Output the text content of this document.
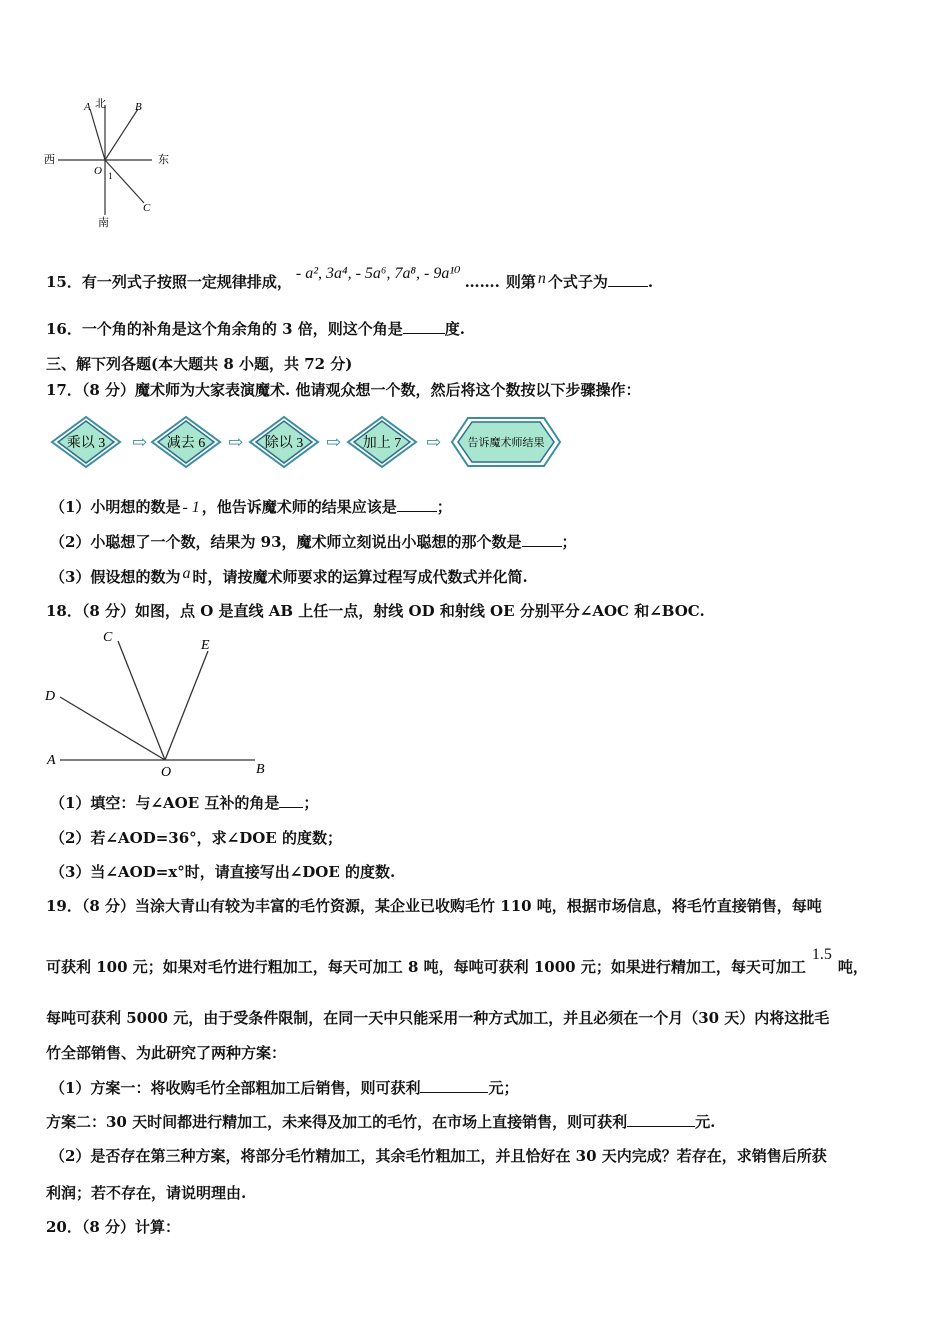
A 北	B
西	东
O 1
C
南
15．有一列式子按照一定规律排成， - a², 3a⁴, - 5a⁶, 7a⁸, - 9a¹⁰ ……. 则第 n 个式子为	.
16．一个角的补角是这个角余角的 3 倍，则这个角是	度.
三、解下列各题(本大题共 8 小题，共 72 分)
17．（8 分）魔术师为大家表演魔术. 他请观众想一个数，然后将这个数按以下步骤操作：
乘以 3 ⇨ 减去 6 ⇨ 除以 3 ⇨ 加上 7 ⇨ 告诉魔术师结果
（1）小明想的数是 - 1 ，他告诉魔术师的结果应该是	；
（2）小聪想了一个数，结果为 93，魔术师立刻说出小聪想的那个数是	；
（3）假设想的数为 a 时，请按魔术师要求的运算过程写成代数式并化简.
18．（8 分）如图，点 O 是直线 AB 上任一点，射线 OD 和射线 OE 分别平分∠AOC 和∠BOC.
C
E
D
A
O	B
（1）填空：与∠AOE 互补的角是 ；
（2）若∠AOD=36°，求∠DOE 的度数；
（3）当∠AOD=x°时，请直接写出∠DOE 的度数.
19．（8 分）当涂大青山有较为丰富的毛竹资源，某企业已收购毛竹 110 吨，根据市场信息，将毛竹直接销售，每吨
可获利 100 元；如果对毛竹进行粗加工，每天可加工 8 吨，每吨可获利 1000 元；如果进行精加工，每天可加工1.5吨，
每吨可获利 5000 元，由于受条件限制，在同一天中只能采用一种方式加工，并且必须在一个月（30 天）内将这批毛
竹全部销售、为此研究了两种方案：
（1）方案一：将收购毛竹全部粗加工后销售，则可获利	元；
方案二：30 天时间都进行精加工，未来得及加工的毛竹，在市场上直接销售，则可获利	元.
（2）是否存在第三种方案，将部分毛竹精加工，其余毛竹粗加工，并且恰好在 30 天内完成？若存在，求销售后所获
利润；若不存在，请说明理由.
20．（8 分）计算：
